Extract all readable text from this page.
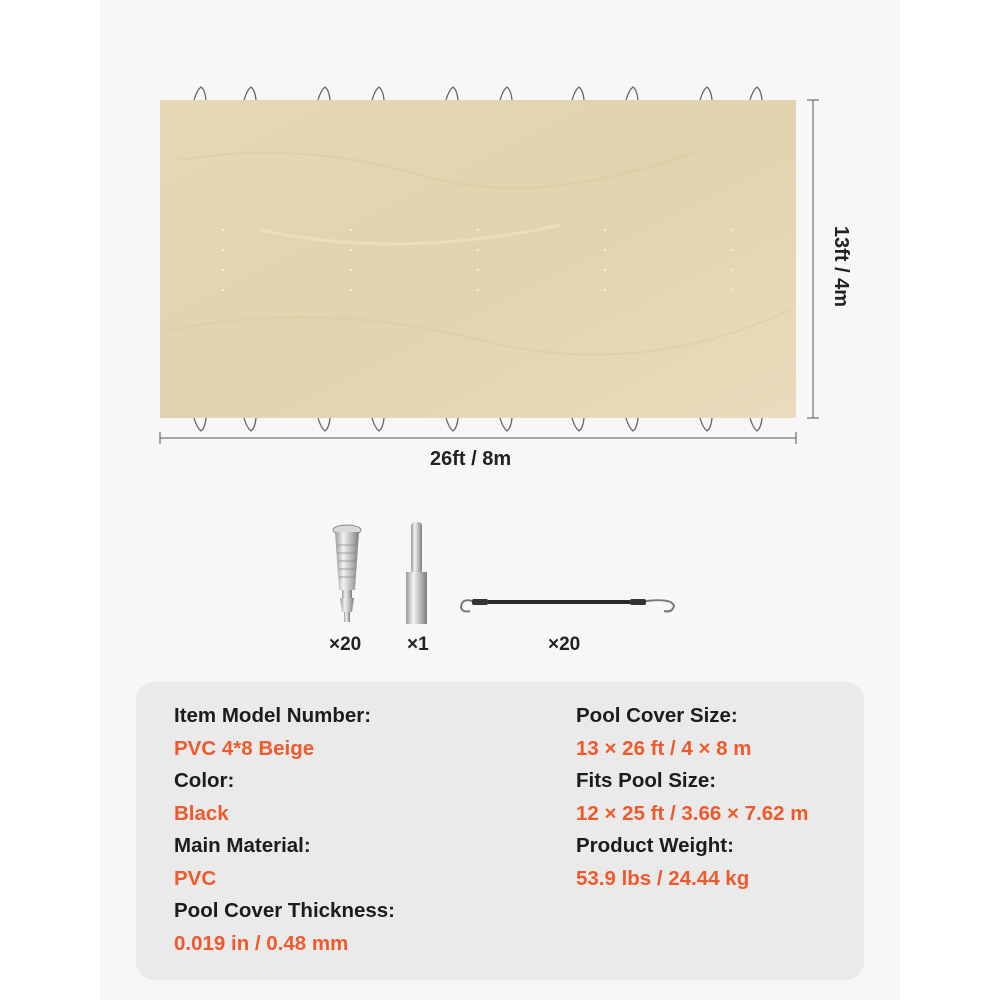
26ft / 8m
13ft / 4m
×20 ×1	×20
Item Model Number:
PVC 4*8 Beige
Color:
Black
Main Material:
PVC
Pool Cover Thickness:
0.019 in / 0.48 mm
Pool Cover Size:
13 × 26 ft / 4 × 8 m
Fits Pool Size:
12 × 25 ft / 3.66 × 7.62 m
Product Weight:
53.9 lbs / 24.44 kg
